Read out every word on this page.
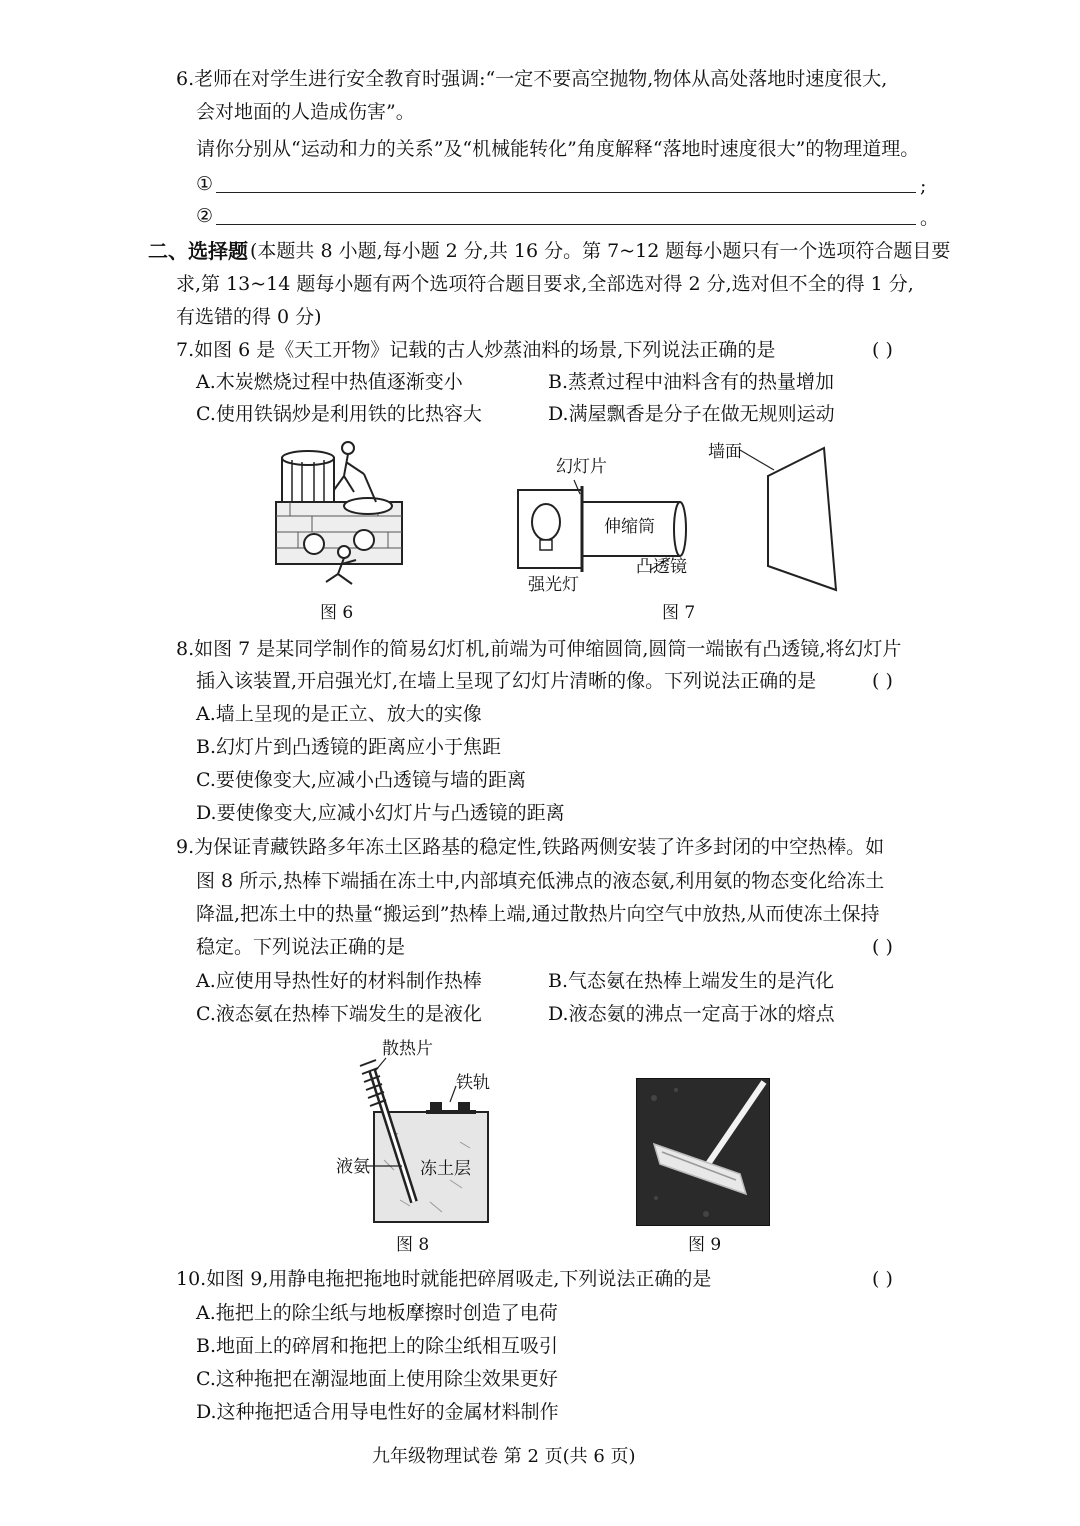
6.老师在对学生进行安全教育时强调:“一定不要高空抛物,物体从高处落地时速度很大,
会对地面的人造成伤害”。
请你分别从“运动和力的关系”及“机械能转化”角度解释“落地时速度很大”的物理道理。
①	;
②	。
二、选择题 (本题共 8 小题,每小题 2 分,共 16 分。第 7~12 题每小题只有一个选项符合题目要
求,第 13~14 题每小题有两个选项符合题目要求,全部选对得 2 分,选对但不全的得 1 分,
有选错的得 0 分)
7.如图 6 是《天工开物》记载的古人炒蒸油料的场景,下列说法正确的是	( )
A.木炭燃烧过程中热值逐渐变小	B.蒸煮过程中油料含有的热量增加
C.使用铁锅炒是利用铁的比热容大	D.满屋飘香是分子在做无规则运动
图 6
幻灯片
墙面
伸缩筒
强光灯
凸透镜
图 7
8.如图 7 是某同学制作的简易幻灯机,前端为可伸缩圆筒,圆筒一端嵌有凸透镜,将幻灯片
插入该装置,开启强光灯,在墙上呈现了幻灯片清晰的像。下列说法正确的是	( )
A.墙上呈现的是正立、放大的实像
B.幻灯片到凸透镜的距离应小于焦距
C.要使像变大,应减小凸透镜与墙的距离
D.要使像变大,应减小幻灯片与凸透镜的距离
9.为保证青藏铁路多年冻土区路基的稳定性,铁路两侧安装了许多封闭的中空热棒。如
图 8 所示,热棒下端插在冻土中,内部填充低沸点的液态氨,利用氨的物态变化给冻土
降温,把冻土中的热量“搬运到”热棒上端,通过散热片向空气中放热,从而使冻土保持
稳定。下列说法正确的是	( )
A.应使用导热性好的材料制作热棒	B.气态氨在热棒上端发生的是汽化
C.液态氨在热棒下端发生的是液化	D.液态氨的沸点一定高于冰的熔点
散热片
铁轨
液氨	冻土层
图 8	图 9
10.如图 9,用静电拖把拖地时就能把碎屑吸走,下列说法正确的是	( )
A.拖把上的除尘纸与地板摩擦时创造了电荷
B.地面上的碎屑和拖把上的除尘纸相互吸引
C.这种拖把在潮湿地面上使用除尘效果更好
D.这种拖把适合用导电性好的金属材料制作
九年级物理试卷 第 2 页(共 6 页)
